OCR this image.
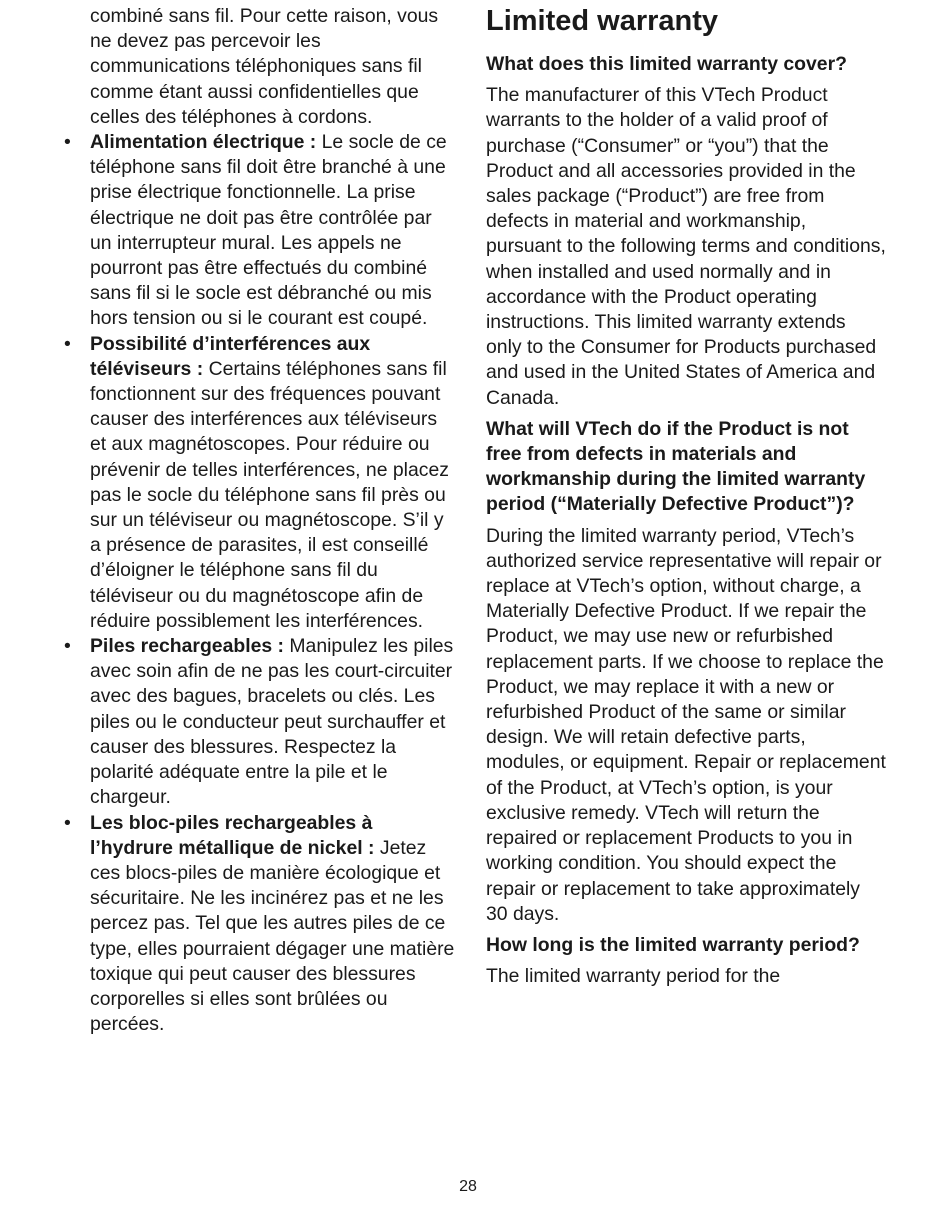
combiné sans fil. Pour cette raison, vous ne devez pas percevoir les communications téléphoniques sans fil comme étant aussi confidentielles que celles des téléphones à cordons.

• Alimentation électrique : Le socle de ce téléphone sans fil doit être branché à une prise électrique fonctionnelle. La prise électrique ne doit pas être contrôlée par un interrupteur mural. Les appels ne pourront pas être effectués du combiné sans fil si le socle est débranché ou mis hors tension ou si le courant est coupé.
• Possibilité d’interférences aux téléviseurs : Certains téléphones sans fil fonctionnent sur des fréquences pouvant causer des interférences aux téléviseurs et aux magnétoscopes. Pour réduire ou prévenir de telles interférences, ne placez pas le socle du téléphone sans fil près ou sur un téléviseur ou magnétoscope. S’il y a présence de parasites, il est conseillé d’éloigner le téléphone sans fil du téléviseur ou du magnétoscope afin de réduire possiblement les interférences.
• Piles rechargeables : Manipulez les piles avec soin afin de ne pas les court-circuiter avec des bagues, bracelets ou clés. Les piles ou le conducteur peut surchauffer et causer des blessures. Respectez la polarité adéquate entre la pile et le chargeur.
• Les bloc-piles rechargeables à l’hydrure métallique de nickel : Jetez ces blocs-piles de manière écologique et sécuritaire. Ne les incinérez pas et ne les percez pas. Tel que les autres piles de ce type, elles pourraient dégager une matière toxique qui peut causer des blessures corporelles si elles sont brûlées ou percées.
Limited warranty
What does this limited warranty cover?

The manufacturer of this VTech Product warrants to the holder of a valid proof of purchase (“Consumer” or “you”) that the Product and all accessories provided in the sales package (“Product”) are free from defects in material and workmanship, pursuant to the following terms and conditions, when installed and used normally and in accordance with the Product operating instructions. This limited warranty extends only to the Consumer for Products purchased and used in the United States of America and Canada.

What will VTech do if the Product is not free from defects in materials and workmanship during the limited warranty period (“Materially Defective Product”)?

During the limited warranty period, VTech’s authorized service representative will repair or replace at VTech’s option, without charge, a Materially Defective Product. If we repair the Product, we may use new or refurbished replacement parts. If we choose to replace the Product, we may replace it with a new or refurbished Product of the same or similar design. We will retain defective parts, modules, or equipment. Repair or replacement of the Product, at VTech’s option, is your exclusive remedy. VTech will return the repaired or replacement Products to you in working condition. You should expect the repair or replacement to take approximately 30 days.

How long is the limited warranty period?

The limited warranty period for the

28
